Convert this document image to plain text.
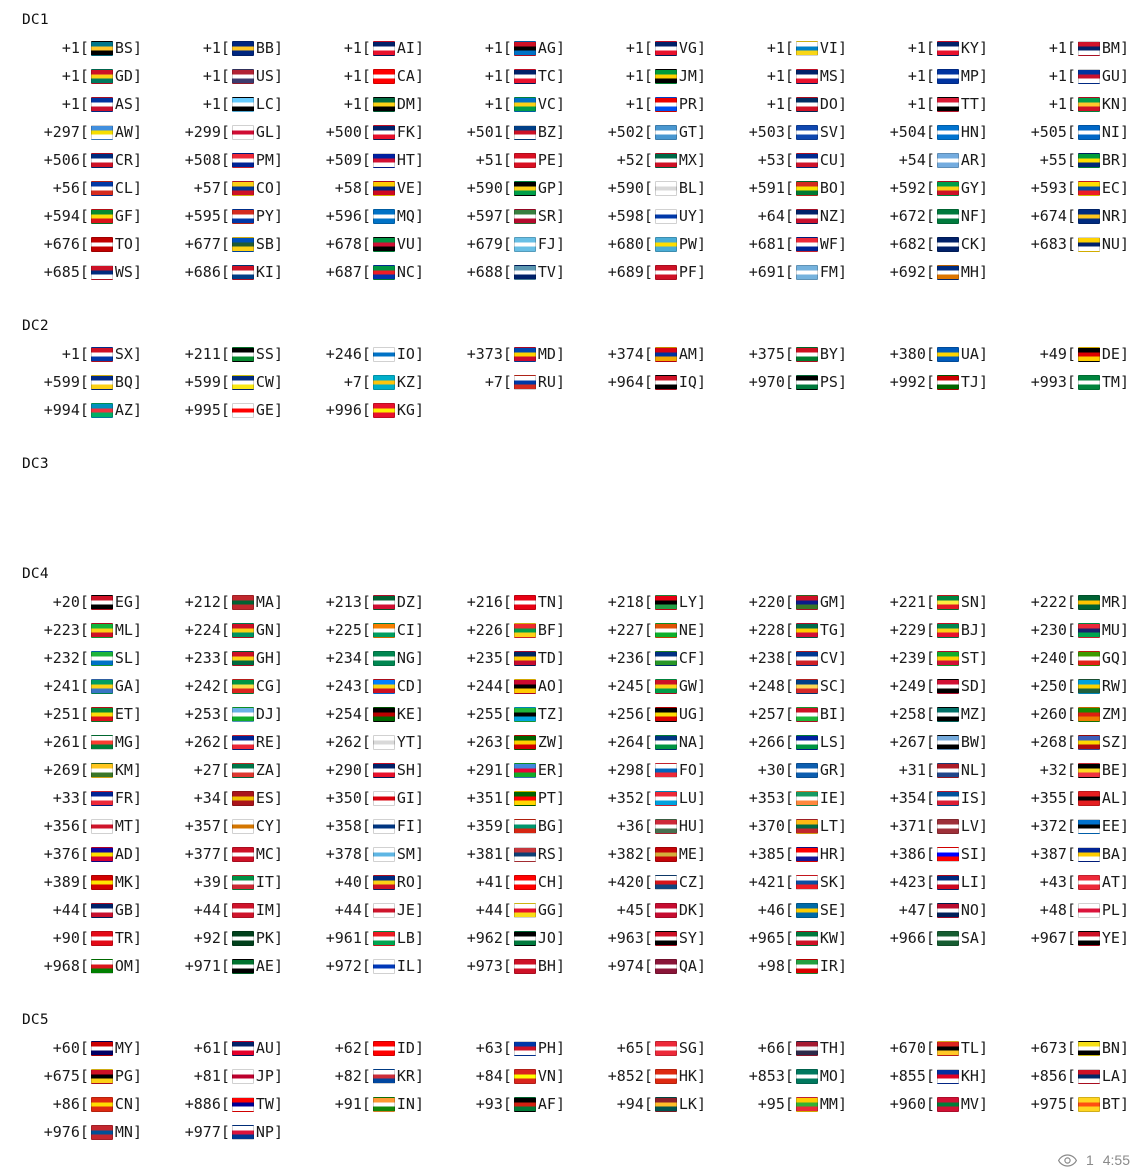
DC1
+1 [ BS ]	+1 [ BB ]	+1 [ AI ]	+1 [ AG ]	+1 [ VG ]	+1 [ VI ]	+1 [ KY ]	+1 [ BM ]
+1 [ GD ]	+1 [ US ]	+1 [ CA ]	+1 [ TC ]	+1 [ JM ]	+1 [ MS ]	+1 [ MP ]	+1 [ GU ]
+1 [ AS ]	+1 [ LC ]	+1 [ DM ]	+1 [ VC ]	+1 [ PR ]	+1 [ DO ]	+1 [ TT ]	+1 [ KN ]
+297 [ AW ]	+299 [ GL ]	+500 [ FK ]	+501 [ BZ ]	+502 [ GT ]	+503 [ SV ]	+504 [ HN ]	+505 [ NI ]
+506 [ CR ]	+508 [ PM ]	+509 [ HT ]	+51 [ PE ]	+52 [ MX ]	+53 [ CU ]	+54 [ AR ]	+55 [ BR ]
+56 [ CL ]	+57 [ CO ]	+58 [ VE ]	+590 [ GP ]	+590 [ BL ]	+591 [ BO ]	+592 [ GY ]	+593 [ EC ]
+594 [ GF ]	+595 [ PY ]	+596 [ MQ ]	+597 [ SR ]	+598 [ UY ]	+64 [ NZ ]	+672 [ NF ]	+674 [ NR ]
+676 [ TO ]	+677 [ SB ]	+678 [ VU ]	+679 [ FJ ]	+680 [ PW ]	+681 [ WF ]	+682 [ CK ]	+683 [ NU ]
+685 [ WS ]	+686 [ KI ]	+687 [ NC ]	+688 [ TV ]	+689 [ PF ]	+691 [ FM ]	+692 [ MH ]
DC2
+1 [ SX ]	+211 [ SS ]	+246 [ IO ]	+373 [ MD ]	+374 [ AM ]	+375 [ BY ]	+380 [ UA ]	+49 [ DE ]
+599 [ BQ ]	+599 [ CW ]	+7 [ KZ ]	+7 [ RU ]	+964 [ IQ ]	+970 [ PS ]	+992 [ TJ ]	+993 [ TM ]
+994 [ AZ ]	+995 [ GE ]	+996 [ KG ]
DC3
DC4
+20 [ EG ]	+212 [ MA ]	+213 [ DZ ]	+216 [ TN ]	+218 [ LY ]	+220 [ GM ]	+221 [ SN ]	+222 [ MR ]
+223 [ ML ]	+224 [ GN ]	+225 [ CI ]	+226 [ BF ]	+227 [ NE ]	+228 [ TG ]	+229 [ BJ ]	+230 [ MU ]
+232 [ SL ]	+233 [ GH ]	+234 [ NG ]	+235 [ TD ]	+236 [ CF ]	+238 [ CV ]	+239 [ ST ]	+240 [ GQ ]
+241 [ GA ]	+242 [ CG ]	+243 [ CD ]	+244 [ AO ]	+245 [ GW ]	+248 [ SC ]	+249 [ SD ]	+250 [ RW ]
+251 [ ET ]	+253 [ DJ ]	+254 [ KE ]	+255 [ TZ ]	+256 [ UG ]	+257 [ BI ]	+258 [ MZ ]	+260 [ ZM ]
+261 [ MG ]	+262 [ RE ]	+262 [ YT ]	+263 [ ZW ]	+264 [ NA ]	+266 [ LS ]	+267 [ BW ]	+268 [ SZ ]
+269 [ KM ]	+27 [ ZA ]	+290 [ SH ]	+291 [ ER ]	+298 [ FO ]	+30 [ GR ]	+31 [ NL ]	+32 [ BE ]
+33 [ FR ]	+34 [ ES ]	+350 [ GI ]	+351 [ PT ]	+352 [ LU ]	+353 [ IE ]	+354 [ IS ]	+355 [ AL ]
+356 [ MT ]	+357 [ CY ]	+358 [ FI ]	+359 [ BG ]	+36 [ HU ]	+370 [ LT ]	+371 [ LV ]	+372 [ EE ]
+376 [ AD ]	+377 [ MC ]	+378 [ SM ]	+381 [ RS ]	+382 [ ME ]	+385 [ HR ]	+386 [ SI ]	+387 [ BA ]
+389 [ MK ]	+39 [ IT ]	+40 [ RO ]	+41 [ CH ]	+420 [ CZ ]	+421 [ SK ]	+423 [ LI ]	+43 [ AT ]
+44 [ GB ]	+44 [ IM ]	+44 [ JE ]	+44 [ GG ]	+45 [ DK ]	+46 [ SE ]	+47 [ NO ]	+48 [ PL ]
+90 [ TR ]	+92 [ PK ]	+961 [ LB ]	+962 [ JO ]	+963 [ SY ]	+965 [ KW ]	+966 [ SA ]	+967 [ YE ]
+968 [ OM ]	+971 [ AE ]	+972 [ IL ]	+973 [ BH ]	+974 [ QA ]	+98 [ IR ]
DC5
+60 [ MY ]	+61 [ AU ]	+62 [ ID ]	+63 [ PH ]	+65 [ SG ]	+66 [ TH ]	+670 [ TL ]	+673 [ BN ]
+675 [ PG ]	+81 [ JP ]	+82 [ KR ]	+84 [ VN ]	+852 [ HK ]	+853 [ MO ]	+855 [ KH ]	+856 [ LA ]
+86 [ CN ]	+886 [ TW ]	+91 [ IN ]	+93 [ AF ]	+94 [ LK ]	+95 [ MM ]	+960 [ MV ]	+975 [ BT ]
+976 [ MN ]	+977 [ NP ]
1 4:55
